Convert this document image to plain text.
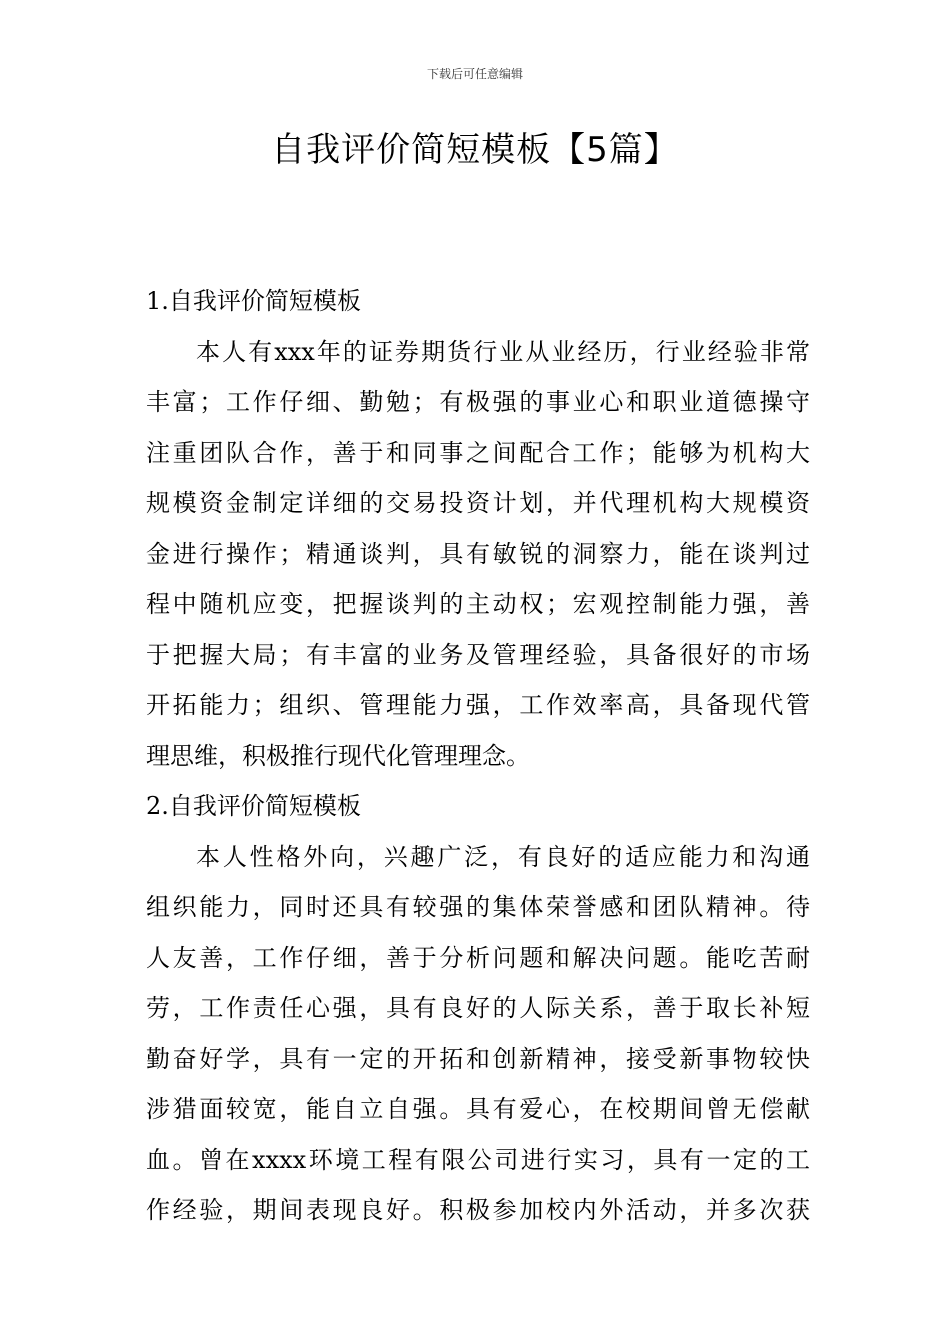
下载后可任意编辑
自我评价简短模板【5篇】
1.自我评价简短模板
本人有xxx年的证券期货行业从业经历，行业经验非常
丰富；工作仔细、勤勉；有极强的事业心和职业道德操守
注重团队合作，善于和同事之间配合工作；能够为机构大
规模资金制定详细的交易投资计划，并代理机构大规模资
金进行操作；精通谈判，具有敏锐的洞察力，能在谈判过
程中随机应变，把握谈判的主动权；宏观控制能力强，善
于把握大局；有丰富的业务及管理经验，具备很好的市场
开拓能力；组织、管理能力强，工作效率高，具备现代管
理思维，积极推行现代化管理理念。
2.自我评价简短模板
本人性格外向，兴趣广泛，有良好的适应能力和沟通
组织能力，同时还具有较强的集体荣誉感和团队精神。待
人友善，工作仔细，善于分析问题和解决问题。能吃苦耐
劳，工作责任心强，具有良好的人际关系，善于取长补短
勤奋好学，具有一定的开拓和创新精神，接受新事物较快
涉猎面较宽，能自立自强。具有爱心，在校期间曾无偿献
血。曾在xxxx环境工程有限公司进行实习，具有一定的工
作经验，期间表现良好。积极参加校内外活动，并多次获
